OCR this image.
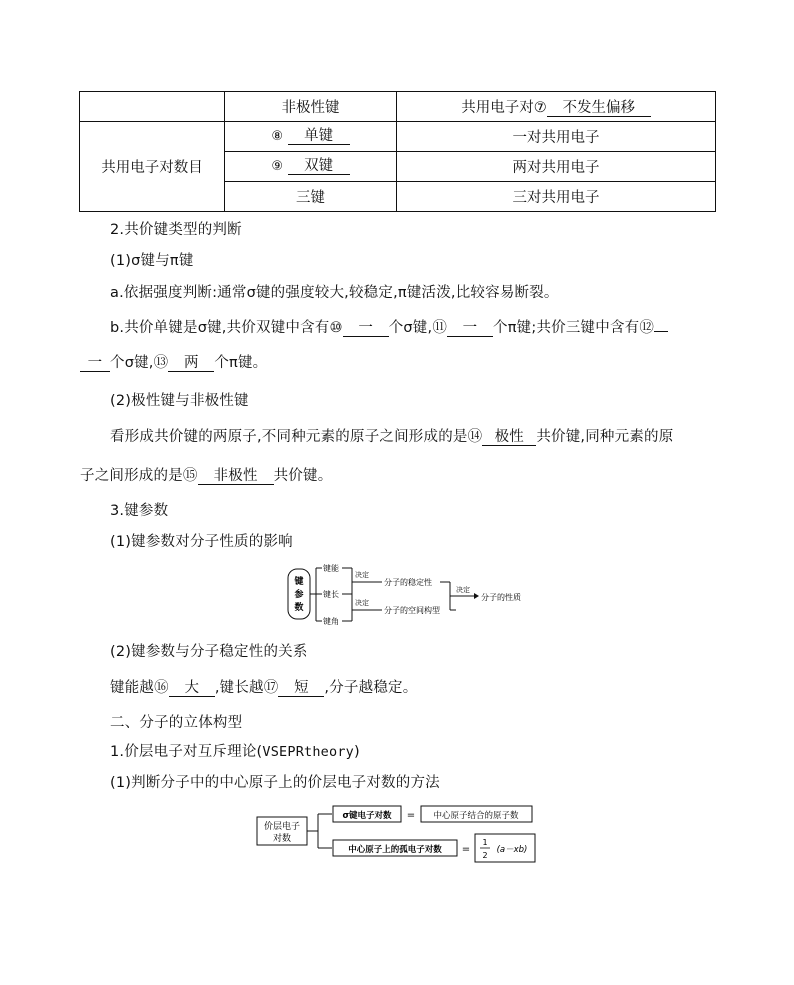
	非极性键	共用电子对⑦ 不发生偏移
共用电子对数目	⑧ 单键	一对共用电子
	⑨ 双键	两对共用电子
	三键	三对共用电子
2.共价键类型的判断
(1)σ键与π键
a.依据强度判断:通常σ键的强度较大,较稳定,π键活泼,比较容易断裂。
b.共价单键是σ键,共价双键中含有⑩ 一 个σ键,⑪ 一 个π键;共价三键中含有⑫
一 个σ键,⑬ 两 个π键。
(2)极性键与非极性键
看形成共价键的两原子,不同种元素的原子之间形成的是⑭ 极性 共价键,同种元素的原
子之间形成的是⑮ 非极性 共价键。
3.键参数
(1)键参数对分子性质的影响
键
参
数
键能
键长
键角
决定
分子的稳定性
决定
分子的空间构型
决定
分子的性质
(2)键参数与分子稳定性的关系
键能越⑯ 大 ,键长越⑰ 短 ,分子越稳定。
二、分子的立体构型
1.价层电子对互斥理论(VSEPRtheory)
(1)判断分子中的中心原子上的价层电子对数的方法
价层电子
对数
σ键电子对数 = 中心原子结合的原子数
中心原子上的孤电子对数 =
1
2
(a－xb)
